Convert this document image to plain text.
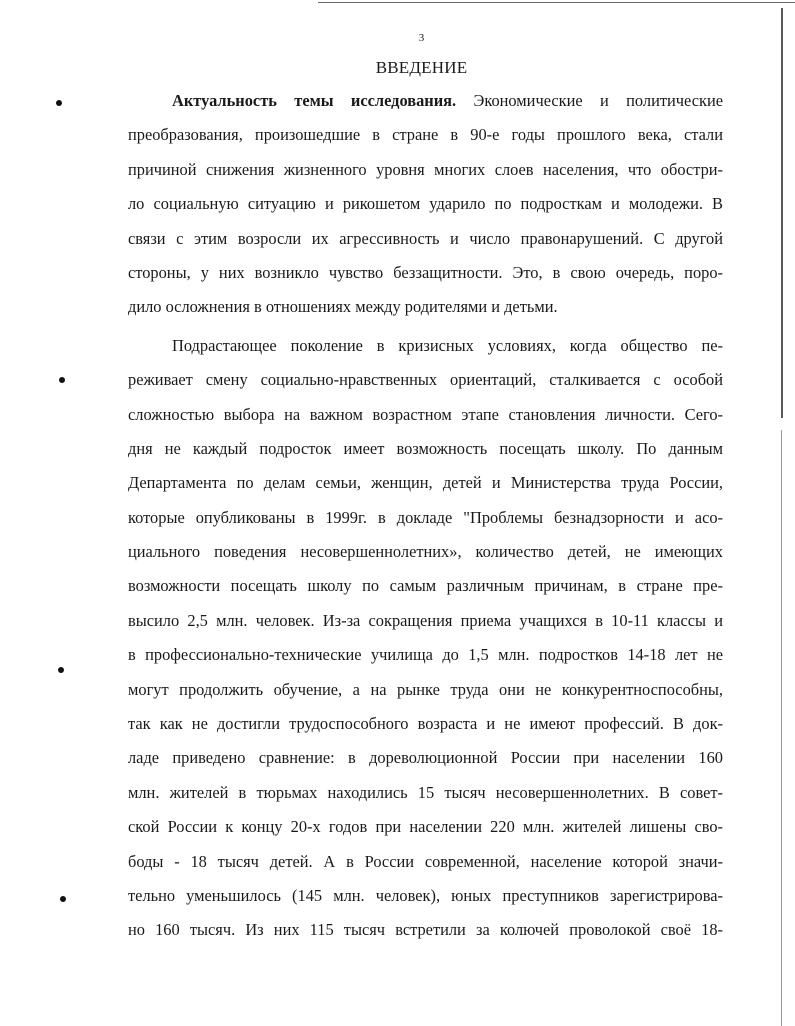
3
ВВЕДЕНИЕ
Актуальность темы исследования. Экономические и политические
преобразования, произошедшие в стране в 90-е годы прошлого века, стали
причиной снижения жизненного уровня многих слоев населения, что обостри-
ло социальную ситуацию и рикошетом ударило по подросткам и молодежи. В
связи с этим возросли их агрессивность и число правонарушений. С другой
стороны, у них возникло чувство беззащитности. Это, в свою очередь, поро-
дило осложнения в отношениях между родителями и детьми.
Подрастающее поколение в кризисных условиях, когда общество пе-
реживает смену социально-нравственных ориентаций, сталкивается с особой
сложностью выбора на важном возрастном этапе становления личности. Сего-
дня не каждый подросток имеет возможность посещать школу. По данным
Департамента по делам семьи, женщин, детей и Министерства труда России,
которые опубликованы в 1999г. в докладе "Проблемы безнадзорности и асо-
циального поведения несовершеннолетних», количество детей, не имеющих
возможности посещать школу по самым различным причинам, в стране пре-
высило 2,5 млн. человек. Из-за сокращения приема учащихся в 10-11 классы и
в профессионально-технические училища до 1,5 млн. подростков 14-18 лет не
могут продолжить обучение, а на рынке труда они не конкурентноспособны,
так как не достигли трудоспособного возраста и не имеют профессий. В док-
ладе приведено сравнение: в дореволюционной России при населении 160
млн. жителей в тюрьмах находились 15 тысяч несовершеннолетних. В совет-
ской России к концу 20-х годов при населении 220 млн. жителей лишены сво-
боды - 18 тысяч детей. А в России современной, население которой значи-
тельно уменьшилось (145 млн. человек), юных преступников зарегистрирова-
но 160 тысяч. Из них 115 тысяч встретили за колючей проволокой своё 18-
